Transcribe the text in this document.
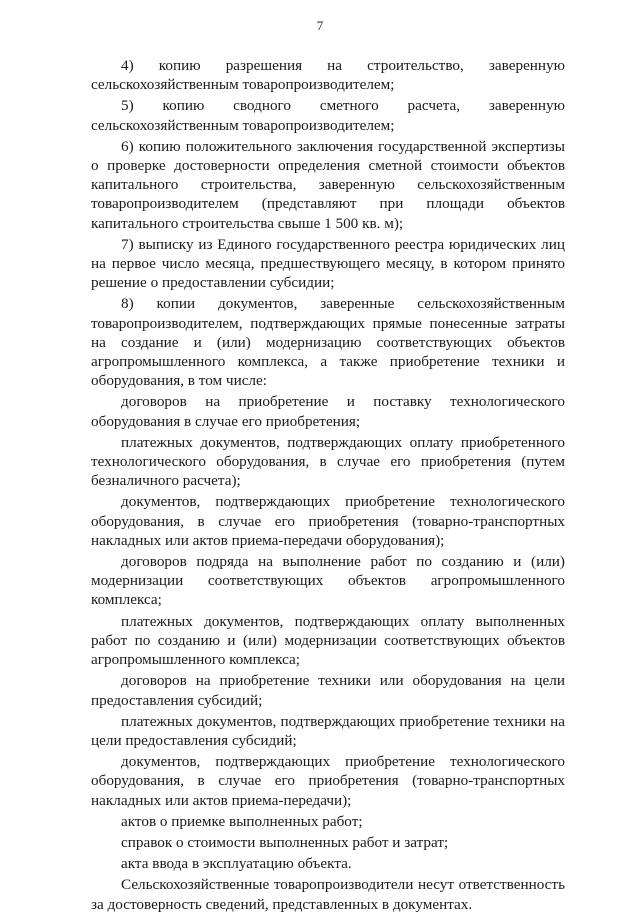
7

4) копию разрешения на строительство, заверенную сельскохозяйственным товаропроизводителем;

5) копию сводного сметного расчета, заверенную сельскохозяйственным товаропроизводителем;

6) копию положительного заключения государственной экспертизы о проверке достоверности определения сметной стоимости объектов капитального строительства, заверенную сельскохозяйственным товаропроизводителем (представляют при площади объектов капитального строительства свыше 1 500 кв. м);

7) выписку из Единого государственного реестра юридических лиц на первое число месяца, предшествующего месяцу, в котором принято решение о предоставлении субсидии;

8) копии документов, заверенные сельскохозяйственным товаропроизводителем, подтверждающих прямые понесенные затраты на создание и (или) модернизацию соответствующих объектов агропромышленного комплекса, а также приобретение техники и оборудования, в том числе:

договоров на приобретение и поставку технологического оборудования в случае его приобретения;

платежных документов, подтверждающих оплату приобретенного технологического оборудования, в случае его приобретения (путем безналичного расчета);

документов, подтверждающих приобретение технологического оборудования, в случае его приобретения (товарно-транспортных накладных или актов приема-передачи оборудования);

договоров подряда на выполнение работ по созданию и (или) модернизации соответствующих объектов агропромышленного комплекса;

платежных документов, подтверждающих оплату выполненных работ по созданию и (или) модернизации соответствующих объектов агропромышленного комплекса;

договоров на приобретение техники или оборудования на цели предоставления субсидий;

платежных документов, подтверждающих приобретение техники на цели предоставления субсидий;

документов, подтверждающих приобретение технологического оборудования, в случае его приобретения (товарно-транспортных накладных или актов приема-передачи);

актов о приемке выполненных работ;

справок о стоимости выполненных работ и затрат;

акта ввода в эксплуатацию объекта.

Сельскохозяйственные товаропроизводители несут ответственность за достоверность сведений, представленных в документах.
